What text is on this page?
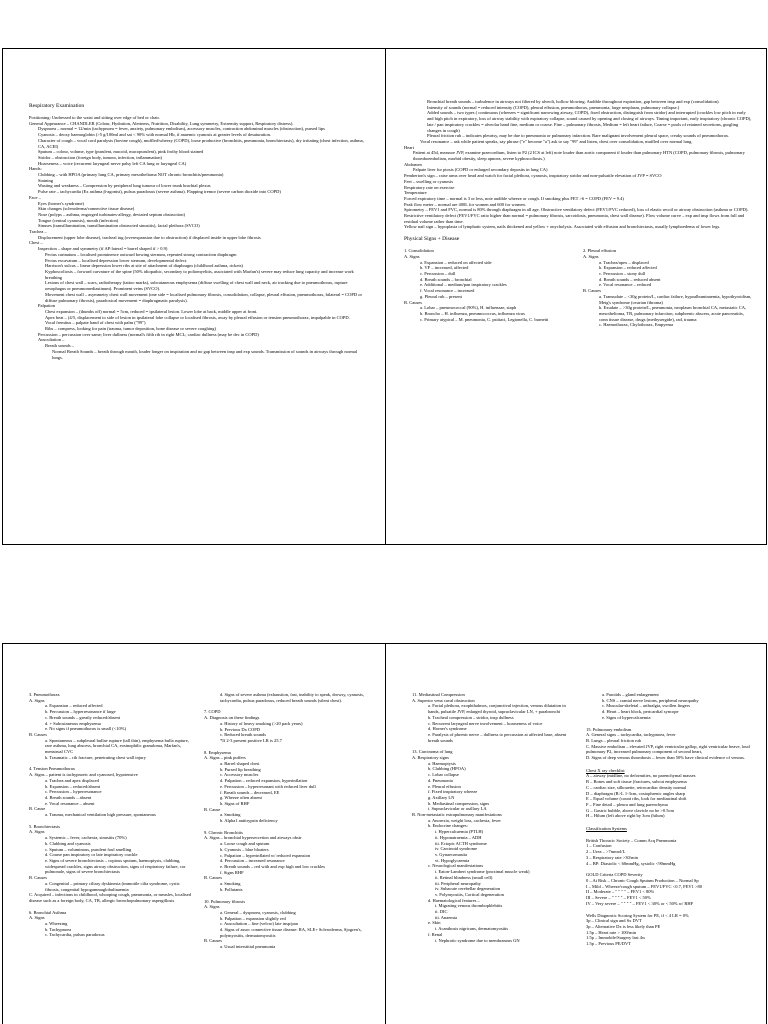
Respiratory Examination
Positioning: Undressed to the waist and sitting over edge of bed or chair.
General Appearance – CHANDLER (Colour, Hydration, Alertness, Nutrition, Disability, Lung symmetry, Extremity support, Respiratory distress).
Dyspnoea – normal = 12/min (tachypnoea = fever, anxiety, pulmonary embolism), accessory muscles, contraction abdominal muscles (obstruction), pursed lips
Cyanosis – deoxy haemoglobin (>5 g/100ml and sat < 90% with normal Hb, if anaemic cyanosis at greater levels of desaturation.
Character of cough – vocal cord paralysis (bovine cough), muffled/wheezy (COPD), loose productive (bronchitis, pneumonia, bronchiectasis), dry irritating (chest infection, asthma, CA, ACEI)
Sputum – colour, volume, type (purulent, mucoid, mucopurulent), pink frothy blood stained
Stridor – obstruction (foreign body, tumour, infection, inflammation)
Hoarseness – voice (recurrent laryngeal nerve palsy left CA lung or laryngeal CA)
Hands:
Clubbing – with HPOA (primary lung CA, primary mesothelioma NOT chronic bronchitis/pneumonia)
Staining
Wasting and weakness – Compression by peripheral lung tumour of lower trunk brachial plexus
Pulse rate – tachycardia (Ex asthma β-agonist), pulsus paradoxus (severe asthma). Flapping tremor (severe carbon dioxide into COPD)
Face –
Eyes (horner's syndrome)
Skin changes (scleroderma/connective tissue disease)
Nose (polyps – asthma, engorged turbinates-allergy, deviated septum obstruction)
Tongue (central cyanosis), mouth (infection)
Sinuses (transillumination, transillumination obstructed sinusitis), facial plethora (SVCO)
Trachea –
Displacement (upper lobe disease), tracheal tug (overexpansion due to obstruction) if displaced inside in upper lobe fibrosis
Chest –
Inspection – shape and symmetry (if AP:lateral = barrel shaped if > 0.9)
Pectus carinatum – localised prominence outward bowing sternum, repeated strong contraction diaphragm
Pectus excavatum – localised depression lower sternum, developmental defect.
Harrison's sulcus – linear depression lower ribs at site of attachment of diaphragm (childhood asthma, rickets)
Kyphoscoliosis – forward curvature of the spine (50% idiopathic, secondary to poliomyelitis, associated with Marfan's) severe may reduce lung capacity and increase work breathing
Lesions of chest wall – scars, radiotherapy (tattoo marks), subcutaneous emphysema (diffuse swelling of chest wall and neck, air tracking due to pneumothorax, rupture oesophagus or pneumomediastinum). Prominent veins (SVCO).
Movement chest wall – asymmetry chest wall movement (one side = localised pulmonary fibrosis, consolidation, collapse, pleural effusion, pneumothorax, bilateral = COPD or diffuse pulmonary fibrosis), paradoxical movement = diaphragmatic paralysis).
Palpation
Chest expansion – (thumbs off) normal = 5cm, reduced = ipsilateral lesion. Lower lobe at back, middle upper at front.
Apex beat – (4/5, displacement to side of lesion in ipsilateral lobe collapse or localised fibrosis, away by pleural effusion or tension pneumothorax, impalpable in COPD.
Vocal fremitus – palpate hand of chest with palm ("99")
Ribs – compress, looking for pain (trauma, tumor deposition, bone disease or severe coughing)
Percussion – percussion over same; liver dullness (normal's fifth rib in right MCL; cardiac dullness (may be dec in COPD)
Auscultation –
Breath sounds –
Normal Breath Sounds – breath through mouth, louder longer on inspiration and no gap between insp and exp sounds. Transmission of sounds in airways through normal lungs.
Bronchial breath sounds – turbulence in airways not filtered by alveoli, hollow blowing. Audible throughout expiration, gap between insp and exp (consolidation).
Intensity of sounds (normal = reduced intensity (COPD), pleural effusion, pneumothorax, pneumonia, large neoplasm, pulmonary collapse.)
Added sounds – two types ( continuous (wheezes = significant narrowing airway, COPD), fixed obstruction, distinguish from stridor) and interrupted (crackles low pitch in early and high pitch in expiratory, loss of airway stability with expiratory collapse, sound caused by opening and closing of airways. Timing important, early inspiratory (chronic COPD), late / pan inspiratory crackles = alveolar hand fine, medium or coarse. Fine – pulmonary fibrosis, Medium = left heart failure, Coarse = pools of retained secretions, gurgling changes in cough)
Pleural friction rub – indicates pleurisy, may be due to pneumonia or pulmonary infarction. Rare malignant involvement pleural space, creaky sounds of pneumothorax.
Vocal resonance – ask while patient speaks, say phrase ("e" become "a") ask to say "99" and listen, chest over consolidation, muffled over normal lung.
Heart
Patient at 45d, measure JVP, examine praecordium, listen to P2 (2 ICS at left) note louder than aortic component if louder than pulmonary HTN (COPD, pulmonary fibrosis, pulmonary thromboembolism, morbid obesity, sleep apnoea, severe kyphoscoliosis.)
Abdomen
Palpate liver for ptosis (COPD or enlarged secondary deposits in lung CA)
Pemberton's sign – raise arms over head and watch for facial plethora, cyanosis, inspiratory stridor and non-pulsatile elevation of JVP = SVCO
Feet – swelling or cyanosis
Respiratory rate on exercise
Temperature
Forced expiratory time – normal is 3 or less, note audible wheeze or cough. If smoking plus FET >6 = COPD (FEV = 9.4)
Peak flow meter – normal are 400L for women and 600 for women.
Spirometry – FEV1 and FVC, normal is 80% through diaphragm in all age. Obstructive ventilatory defect (FEV1/FVC reduced), loss of elastic recoil or airway obstruction (asthma or COPD). Restrictive ventilatory defect (FEV1/FVC ratio higher than normal = pulmonary fibrosis, sarcoidosis, pneumonia, chest wall disease). Flow volume curve – exp and insp flows from full and residual volume rather than time.
Yellow nail sign – hypoplasia of lymphatic system, nails thickened and yellow + onycholysis. Associated with effusion and bronchiectasis, usually lymphoedema of lower legs.
Physical Signs + Disease
1. Consolidation
A. Signs
a. Expansion – reduced on affected side
b. VF – increased, affected
c. Percussion – dull
d. Breath sounds – bronchial
e. Additional – medium/pan inspiratory crackles
f. Vocal resonance – increased
g. Pleural rub – present
B. Causes
a. Lobar – pneumococcal (90%), H. influenzae, staph
b. Broncho – H. influenza, pneumococcus, influenza virus
c. Primary atypical – M. pneumonia, C. psittaci, Legionella, C. burnetti
2. Pleural effusion
A. Signs
a. Trachea/apex – displaced
b. Expansion – reduced affected
c. Percussion – stony dull
d. Breath sounds – reduced absent
e. Vocal resonance – reduced
B. Causes
a. Transudate – <30g protein/L, cardiac failure, hypoalbuminaemia, hypothyroidism, Meig's syndrome (ovarian fibroma)
b. Exudate – >30g protein/L, pneumonia, neoplasm bronchial CA, metastatic CA, mesothelioma, TB, pulmonary infarction, subphrenic abscess, acute pancreatitis, conn tissue disease, drugs (methysergide), rad, trauma
c. Haemothorax, Chylothorax, Empyema
3. Pneumothorax
A. Signs
a. Expansion – reduced affected
b. Percussion – hyperresonance if large
c. Breath sounds – greatly reduced/absent
d. + Subcutaneous emphysema
e. No signs if pneumothorax is small (<10%)
B. Causes
a. Spontaneous – subpleural bullae rupture (tall thin), emphysema bulla rupture, rare asthma, lung abscess, bronchial CA, eosinophilic granuloma, Marfan's, menstrual CVC
b. Traumatic – rib fracture, penetrating chest wall injury
4. Tension Pneumothorax
A. Signs – patient is tachypnoeic and cyanosed, hypotensive
a. Trachea and apex displaced
b. Expansion – reduced/absent
c. Percussion – hyperresonance
d. Breath sounds – absent
e. Vocal resonance – absent
B. Cause
a. Trauma, mechanical ventilation high pressure, spontaneous
5. Bronchiectasis
A. Signs
a. Systemic – fever, cachexia, sinusitis (70%)
b. Clubbing and cyanosis
c. Sputum – voluminous, purulent foul smelling
d. Coarse pan inspiratory or late inspiratory crackle
e. Signs of severe bronchiectasis – copious sputum, haemoptysis, clubbing, widespread crackles, signs airway obstruction, signs of respiratory failure, cor pulmonale, signs of severe bronchiectasis
B. Causes
a. Congenital – primary ciliary dyskinesia (immotile cilia syndrome, cystic fibrosis, congenital hypogammaglobulinaemia
C. Acquired – infections in childhood, whooping cough, pneumonia, or measles, localised disease such as a foreign body, CA, TB, allergic bronchopulmonary aspergillosis
6. Bronchial Asthma
A. Signs
a. Wheezing
b. Tachypnoea
c. Tachycardia, pulsus paradoxus
d. Signs of severe asthma (exhaustion, fast, inability to speak, drowsy, cyanosis, tachycardia, pulsus paradoxus, reduced breath sounds (silent chest).
7. COPD
A. Diagnosis on these findings
a. History of heavy smoking (>20 pack years)
b. Previous Dx COPD
c. Reduced breath sounds
*If 2-3 present positive LR is 25.7
8. Emphysema
A. Signs – pink puffers
a. Barrel shaped chest
b. Pursed lip breathing
c. Accessory muscles
d. Palpation – reduced expansion, hyperinflation
e. Percussion – hyperresonant with reduced liver dull
f. Breath sounds – decreased, EE
g. Wheeze often absent
h. Signs of RHF
B. Cause
a. Smoking
b. Alpha1 antitrypsin deficiency
9. Chronic Bronchitis
A. Signs – bronchial hypersecretion and airways obstr
a. Loose cough and sputum
b. Cyanosis – blue bloaters
c. Palpation – hyperinflated w/ reduced expansion
d. Percussion – increased resonance
e. Breath sounds – red with and exp high and low crackles
f. Signs RHF
B. Causes
a. Smoking
b. Pollutants
10. Pulmonary fibrosis
A. Signs
a. General – dyspnoea, cyanosis, clubbing
b. Palpation – expansion slightly red
c. Auscultation – fine (velcro) late insp/pan
d. Signs of assoc connective tissue disease: RA, SLE+ Scleroderma, Sjogren's, polymyositis, dermatomyositis
B. Causes
a. Usual interstitial pneumonia
11. Mediastinal Compression
A. Superior vena caval obstruction
a. Facial plethora, exophthalmos, conjunctival injection, venous dilatation in hands, pulsatile JVP, enlarged thyroid, supraclavicular LN, + parabronchi
b. Tracheal compression – stridor, insp dullness
c. Recurrent laryngeal nerve involvement – hoarseness of voice
d. Horner's syndrome
e. Paralysis of phrenic nerve – dullness to percussion at affected base, absent breath sounds
13. Carcinoma of lung
A. Respiratory signs
a. Haemoptysis
b. Clubbing (HPOA)
c. Lobar collapse
d. Pneumonia
e. Pleural effusion
f. Fixed inspiratory wheeze
g. Axillary LN
h. Mediastinal compression, signs
i. Supraclavicular or axillary LA
B. Non-metastatic extrapulmonary manifestations
a. Anorexia, weight loss, cachexia, fever
b. Endocrine changes:
i. Hypercalcaemia (PTLH)
ii. Hyponatraemia – ADH
iii. Ectopic ACTH syndrome
iv. Carcinoid syndrome
v. Gynaecomastia
vi. Hypoglycaemia
c. Neurological manifestations
i. Eaton-Lambert syndrome (proximal muscle weak)
ii. Retinal blindness (small cell)
iii. Peripheral neuropathy
iv. Subacute cerebellar degeneration
v. Polymyositis, Cortical degeneration
d. Haematological features –
i. Migrating venous thrombophlebitis
ii. DIC
iii. Anaemia
e. Skin
i. Acanthosis nigricans, dermatomyositis
f. Renal
i. Nephrotic syndrome due to membranous GN
a. Parotids – gland enlargement
b. CNS – cranial nerve lesions, peripheral neuropathy
c. Muscular-skeletal – arthralgia, swollen fingers
d. Heart – heart block, pericardial syncope
e. Signs of hypercalcaemia
15. Pulmonary embolism
A. General signs – tachycardia, tachypnoea, fever
B. Lungs – pleural friction rub
C. Massive embolism – elevated JVP, right ventricular gallop, right ventricular heave, loud pulmonary P2, increased pulmonary component of second heart,
D. Signs of deep venous thrombosis – fewer than 50% have clinical evidence of venous.
Chest X ray checklist
A – airway (midline, no deformities, no parenchymal masses
B – Bones and soft tissue (fractures, subcut emphysema
C – cardiac size, silhouette, retrocardiac density normal
D – diaphragm (R>L 1-3cm, costophrenic angles sharp
E – Equal volume (count ribs, look for mediastinal shift
F – Fine detail – pleura and lung parenchyma
G – Gastric bubble, above clavicle no be >0.5cm
H – Hilum (left above right by 3cm (hilum)
Classification Systems
British Thoracic Society – Comm Acq Pneumonia
1 – Confusion
2 – Urea – >7mmol/L
3 – Respiratory rate >30/min
4 – BP: Diastolic < 60mmHg, systolic <90mmHg
GOLD Criteria COPD Severity
0 – At Risk – Chronic Cough Sputum Production – Normal Sp
I – Mild – Wheeze/cough sputum – FEV1/FVC <0.7, FEV1 >80
II – Moderate – " " " " – FEV1 < 80%
III – Severe – " " " " – FEV1 < 50%
IV – Very severe – " " " " – FEV1 < 30% or < 50% w/ RHF
Wells Diagnostic Scoring System for PE, if < 4 LR = 0%
3p – Clinical sign and Sx DVT
3p – Alternative Dx is less likely than PE
1.5p – Heart rate > 100/min
1.5p – Immobile/Surgery last 4w
1.5p – Previous PE/DVT
